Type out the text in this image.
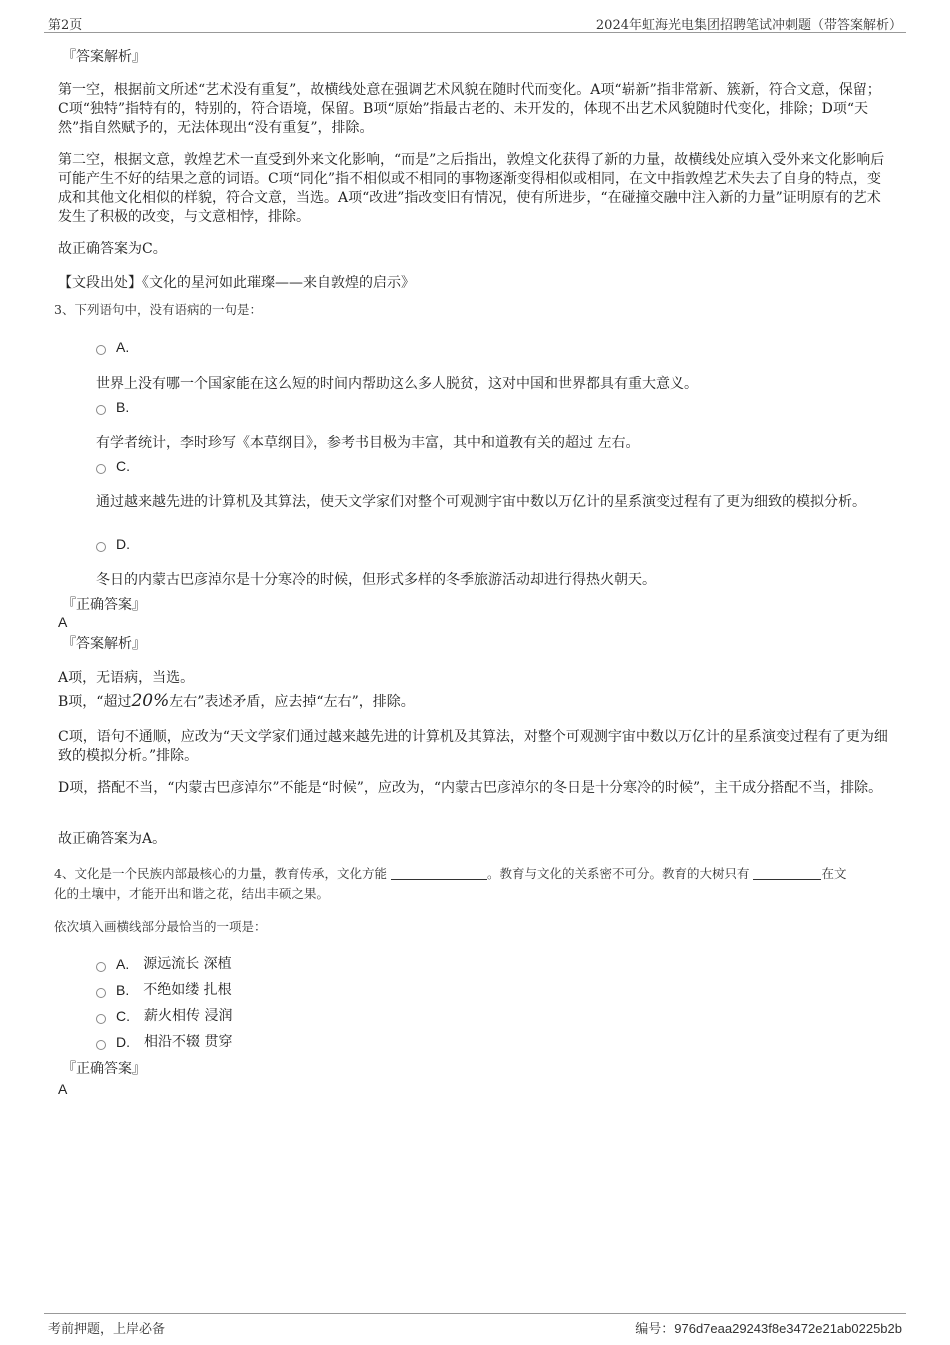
第2页	2024年虹海光电集团招聘笔试冲刺题（带答案解析）

『答案解析』

第一空，根据前文所述“艺术没有重复”，故横线处意在强调艺术风貌在随时代而变化。A项“崭新”指非常新、簇新，符合文意，保留；C项“独特”指特有的，特别的，符合语境，保留。B项“原始”指最古老的、未开发的，体现不出艺术风貌随时代变化，排除；D项“天然”指自然赋予的，无法体现出“没有重复”，排除。

第二空，根据文意，敦煌艺术一直受到外来文化影响，“而是”之后指出，敦煌文化获得了新的力量，故横线处应填入受外来文化影响后可能产生不好的结果之意的词语。C项“同化”指不相似或不相同的事物逐渐变得相似或相同，在文中指敦煌艺术失去了自身的特点，变成和其他文化相似的样貌，符合文意，当选。A项“改进”指改变旧有情况，使有所进步，“在碰撞交融中注入新的力量”证明原有的艺术发生了积极的改变，与文意相悖，排除。

故正确答案为C。

【文段出处】《文化的星河如此璀璨——来自敦煌的启示》

3、下列语句中，没有语病的一句是：

A.

世界上没有哪一个国家能在这么短的时间内帮助这么多人脱贫，这对中国和世界都具有重大意义。

B.

有学者统计，李时珍写《本草纲目》，参考书目极为丰富，其中和道教有关的超过 左右。

C.

通过越来越先进的计算机及其算法，使天文学家们对整个可观测宇宙中数以万亿计的星系演变过程有了更为细致的模拟分析。

D.

冬日的内蒙古巴彦淖尔是十分寒冷的时候，但形式多样的冬季旅游活动却进行得热火朝天。

『正确答案』

A

『答案解析』

A项，无语病，当选。

B项，“超过20%左右”表述矛盾，应去掉“左右”，排除。

C项，语句不通顺，应改为“天文学家们通过越来越先进的计算机及其算法，对整个可观测宇宙中数以万亿计的星系演变过程有了更为细致的模拟分析。”排除。

D项，搭配不当，“内蒙古巴彦淖尔”不能是“时候”，应改为，“内蒙古巴彦淖尔的冬日是十分寒冷的时候”，主干成分搭配不当，排除。

故正确答案为A。

4、文化是一个民族内部最核心的力量，教育传承，文化方能	。教育与文化的关系密不可分。教育的大树只有	在文

化的土壤中，才能开出和谐之花，结出丰硕之果。

依次填入画横线部分最恰当的一项是：

A. 源远流长 深植
B. 不绝如缕 扎根
C. 薪火相传 浸润
D. 相沿不辍 贯穿

『正确答案』

A

考前押题，上岸必备	编号：976d7eaa29243f8e3472e21ab0225b2b
